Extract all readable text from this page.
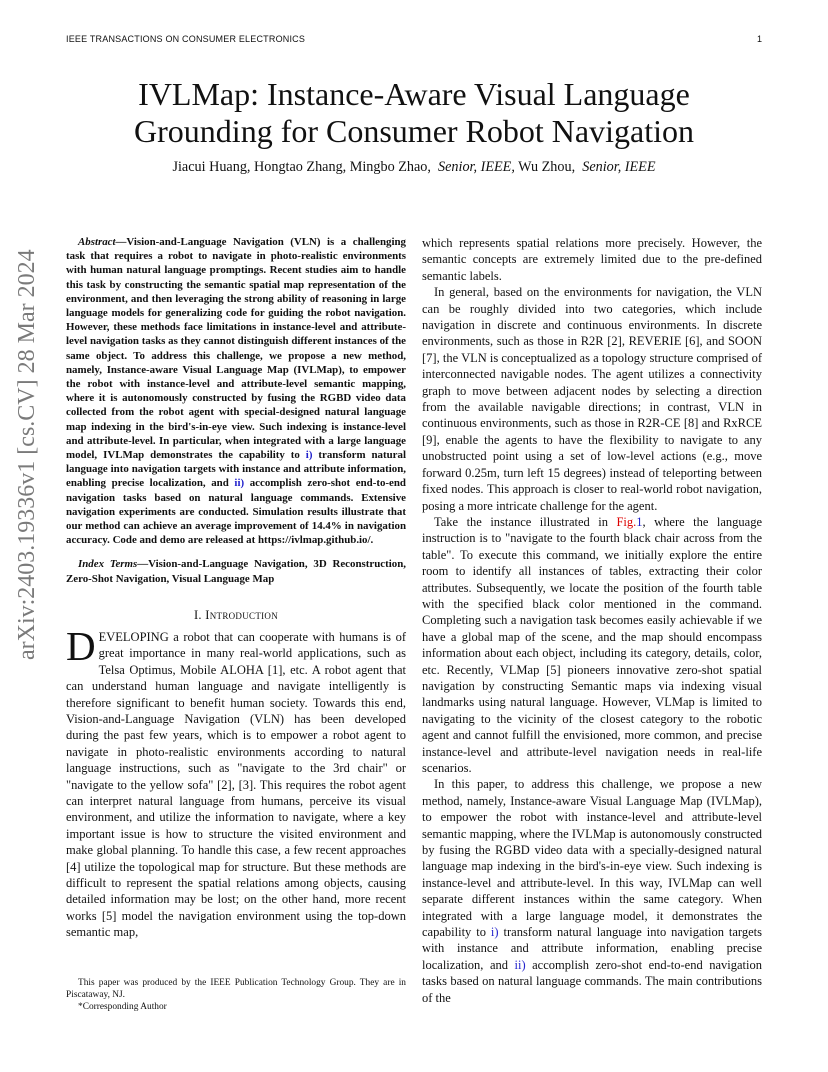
IEEE TRANSACTIONS ON CONSUMER ELECTRONICS	1
arXiv:2403.19336v1 [cs.CV] 28 Mar 2024
IVLMap: Instance-Aware Visual Language Grounding for Consumer Robot Navigation
Jiacui Huang, Hongtao Zhang, Mingbo Zhao, Senior, IEEE, Wu Zhou, Senior, IEEE

Abstract—Vision-and-Language Navigation (VLN) is a challenging task that requires a robot to navigate in photo-realistic environments with human natural language promptings. Recent studies aim to handle this task by constructing the semantic spatial map representation of the environment, and then leveraging the strong ability of reasoning in large language models for generalizing code for guiding the robot navigation. However, these methods face limitations in instance-level and attribute-level navigation tasks as they cannot distinguish different instances of the same object. To address this challenge, we propose a new method, namely, Instance-aware Visual Language Map (IVLMap), to empower the robot with instance-level and attribute-level semantic mapping, where it is autonomously constructed by fusing the RGBD video data collected from the robot agent with special-designed natural language map indexing in the bird's-in-eye view. Such indexing is instance-level and attribute-level. In particular, when integrated with a large language model, IVLMap demonstrates the capability to i) transform natural language into navigation targets with instance and attribute information, enabling precise localization, and ii) accomplish zero-shot end-to-end navigation tasks based on natural language commands. Extensive navigation experiments are conducted. Simulation results illustrate that our method can achieve an average improvement of 14.4% in navigation accuracy. Code and demo are released at https://ivlmap.github.io/.

Index Terms—Vision-and-Language Navigation, 3D Reconstruction, Zero-Shot Navigation, Visual Language Map

I. Introduction

DEVELOPING a robot that can cooperate with humans is of great importance in many real-world applications, such as Telsa Optimus, Mobile ALOHA [1], etc. A robot agent that can understand human language and navigate intelligently is therefore significant to benefit human society. Towards this end, Vision-and-Language Navigation (VLN) has been developed during the past few years, which is to empower a robot agent to navigate in photo-realistic environments according to natural language instructions, such as "navigate to the 3rd chair" or "navigate to the yellow sofa" [2], [3]. This requires the robot agent can interpret natural language from humans, perceive its visual environment, and utilize the information to navigate, where a key important issue is how to structure the visited environment and make global planning. To handle this case, a few recent approaches [4] utilize the topological map for structure. But these methods are difficult to represent the spatial relations among objects, causing detailed information may be lost; on the other hand, more recent works [5] model the navigation environment using the top-down semantic map,

which represents spatial relations more precisely. However, the semantic concepts are extremely limited due to the pre-defined semantic labels.

In general, based on the environments for navigation, the VLN can be roughly divided into two categories, which include navigation in discrete and continuous environments. In discrete environments, such as those in R2R [2], REVERIE [6], and SOON [7], the VLN is conceptualized as a topology structure comprised of interconnected navigable nodes. The agent utilizes a connectivity graph to move between adjacent nodes by selecting a direction from the available navigable directions; in contrast, VLN in continuous environments, such as those in R2R-CE [8] and RxRCE [9], enable the agents to have the flexibility to navigate to any unobstructed point using a set of low-level actions (e.g., move forward 0.25m, turn left 15 degrees) instead of teleporting between fixed nodes. This approach is closer to real-world robot navigation, posing a more intricate challenge for the agent.

Take the instance illustrated in Fig.1, where the language instruction is to "navigate to the fourth black chair across from the table". To execute this command, we initially explore the entire room to identify all instances of tables, extracting their color attributes. Subsequently, we locate the position of the fourth table with the specified black color mentioned in the command. Completing such a navigation task becomes easily achievable if we have a global map of the scene, and the map should encompass information about each object, including its category, details, color, etc. Recently, VLMap [5] pioneers innovative zero-shot spatial navigation by constructing Semantic maps via indexing visual landmarks using natural language. However, VLMap is limited to navigating to the vicinity of the closest category to the robotic agent and cannot fulfill the envisioned, more common, and precise instance-level and attribute-level navigation needs in real-life scenarios.

In this paper, to address this challenge, we propose a new method, namely, Instance-aware Visual Language Map (IVLMap), to empower the robot with instance-level and attribute-level semantic mapping, where the IVLMap is autonomously constructed by fusing the RGBD video data with a specially-designed natural language map indexing in the bird's-in-eye view. Such indexing is instance-level and attribute-level. In this way, IVLMap can well separate different instances within the same category. When integrated with a large language model, it demonstrates the capability to i) transform natural language into navigation targets with instance and attribute information, enabling precise localization, and ii) accomplish zero-shot end-to-end navigation tasks based on natural language commands. The main contributions of the

This paper was produced by the IEEE Publication Technology Group. They are in Piscataway, NJ.

*Corresponding Author
